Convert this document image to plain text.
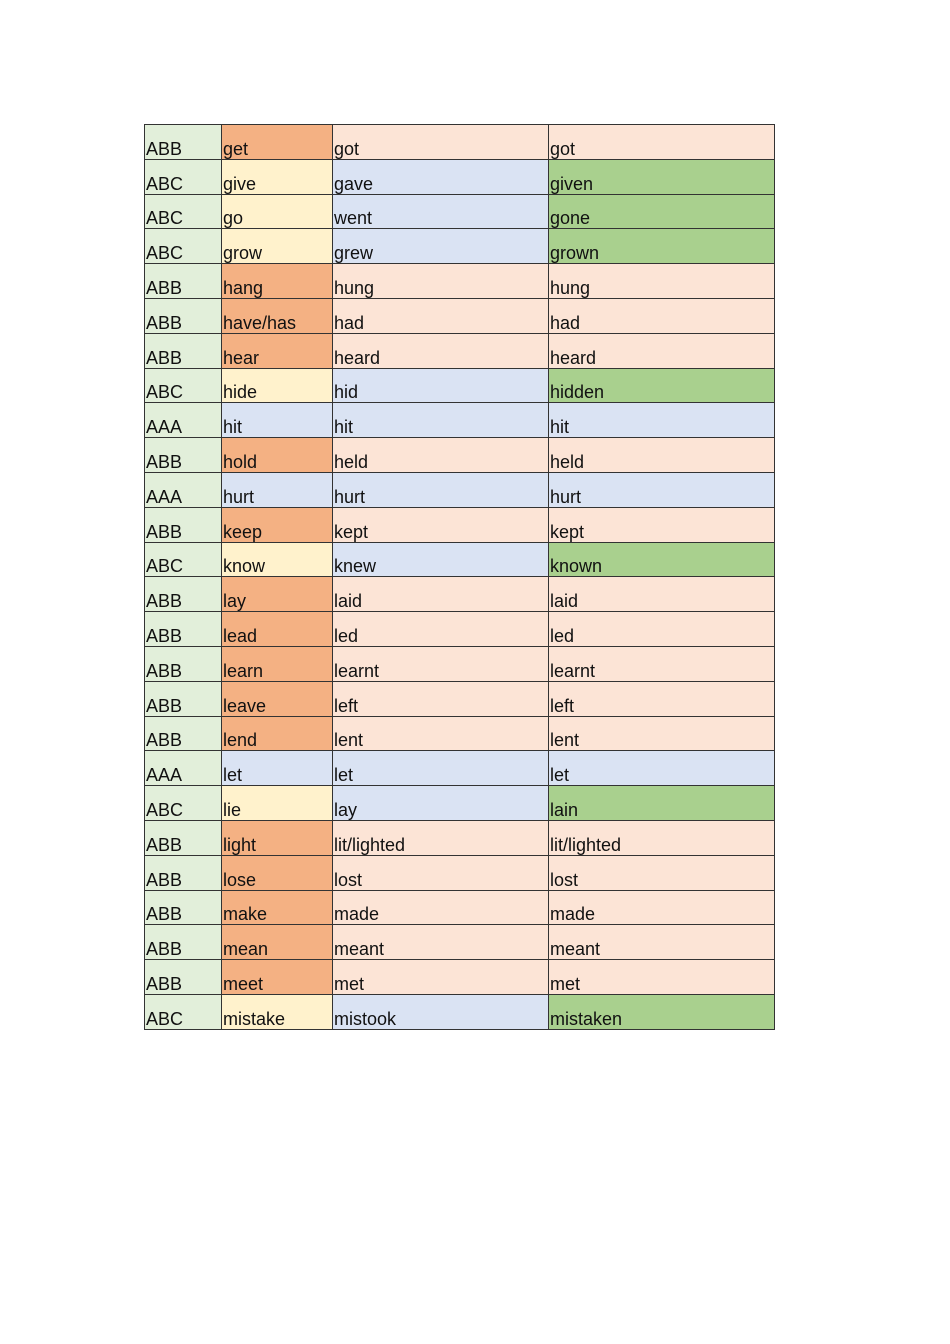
ABB	get	got	got
ABC	give	gave	given
ABC	go	went	gone
ABC	grow	grew	grown
ABB	hang	hung	hung
ABB	have/has	had	had
ABB	hear	heard	heard
ABC	hide	hid	hidden
AAA	hit	hit	hit
ABB	hold	held	held
AAA	hurt	hurt	hurt
ABB	keep	kept	kept
ABC	know	knew	known
ABB	lay	laid	laid
ABB	lead	led	led
ABB	learn	learnt	learnt
ABB	leave	left	left
ABB	lend	lent	lent
AAA	let	let	let
ABC	lie	lay	lain
ABB	light	lit/lighted	lit/lighted
ABB	lose	lost	lost
ABB	make	made	made
ABB	mean	meant	meant
ABB	meet	met	met
ABC	mistake	mistook	mistaken
